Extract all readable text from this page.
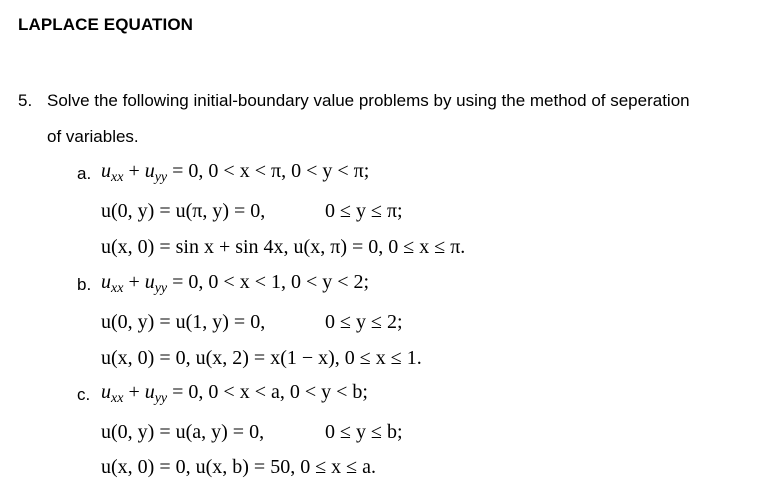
LAPLACE EQUATION
5. Solve the following initial-boundary value problems by using the method of seperation
of variables.
a. $u_{xx} + u_{yy} = 0$, 0 < x < π, 0 < y < π;
u(0, y) = u(π, y) = 0,	0 ≤ y ≤ π;
u(x, 0) = sin x + sin 4x, u(x, π) = 0, 0 ≤ x ≤ π.
b. $u_{xx} + u_{yy} = 0$, 0 < x < 1, 0 < y < 2;
u(0, y) = u(1, y) = 0,	0 ≤ y ≤ 2;
u(x, 0) = 0, u(x, 2) = x(1 − x), 0 ≤ x ≤ 1.
c. $u_{xx} + u_{yy} = 0$, 0 < x < a, 0 < y < b;
u(0, y) = u(a, y) = 0,	0 ≤ y ≤ b;
u(x, 0) = 0, u(x, b) = 50, 0 ≤ x ≤ a.
